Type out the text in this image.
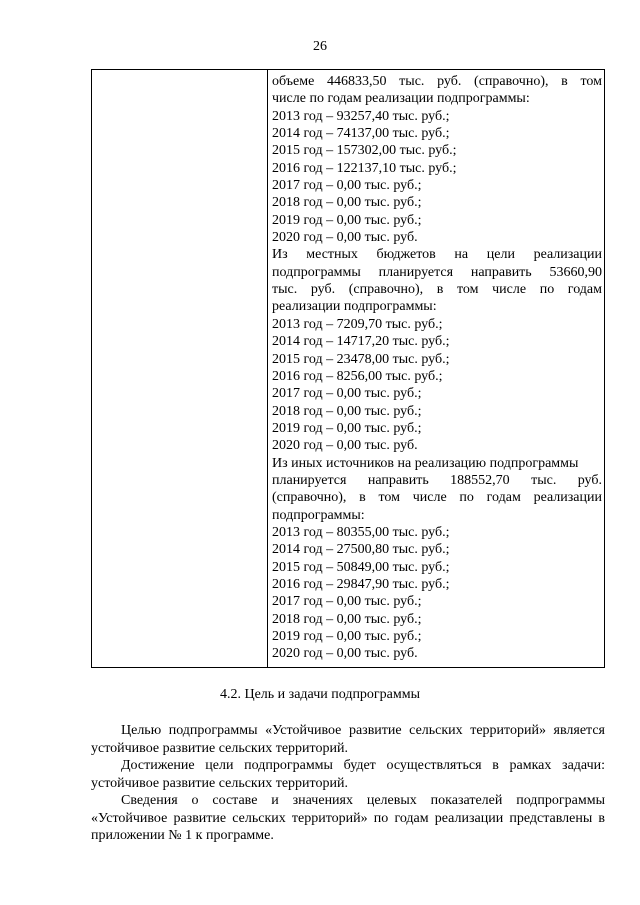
26
объеме 446833,50 тыс. руб. (справочно), в том
числе по годам реализации подпрограммы:
2013 год – 93257,40 тыс. руб.;
2014 год – 74137,00 тыс. руб.;
2015 год – 157302,00 тыс. руб.;
2016 год – 122137,10 тыс. руб.;
2017 год – 0,00 тыс. руб.;
2018 год – 0,00 тыс. руб.;
2019 год – 0,00 тыс. руб.;
2020 год – 0,00 тыс. руб.
Из местных бюджетов на цели реализации
подпрограммы планируется направить 53660,90
тыс. руб. (справочно), в том числе по годам
реализации подпрограммы:
2013 год – 7209,70 тыс. руб.;
2014 год – 14717,20 тыс. руб.;
2015 год – 23478,00 тыс. руб.;
2016 год – 8256,00 тыс. руб.;
2017 год – 0,00 тыс. руб.;
2018 год – 0,00 тыс. руб.;
2019 год – 0,00 тыс. руб.;
2020 год – 0,00 тыс. руб.
Из иных источников на реализацию подпрограммы
планируется направить 188552,70 тыс. руб.
(справочно), в том числе по годам реализации
подпрограммы:
2013 год – 80355,00 тыс. руб.;
2014 год – 27500,80 тыс. руб.;
2015 год – 50849,00 тыс. руб.;
2016 год – 29847,90 тыс. руб.;
2017 год – 0,00 тыс. руб.;
2018 год – 0,00 тыс. руб.;
2019 год – 0,00 тыс. руб.;
2020 год – 0,00 тыс. руб.
4.2. Цель и задачи подпрограммы
Целью подпрограммы «Устойчивое развитие сельских территорий» является устойчивое развитие сельских территорий.
Достижение цели подпрограммы будет осуществляться в рамках задачи: устойчивое развитие сельских территорий.
Сведения о составе и значениях целевых показателей подпрограммы «Устойчивое развитие сельских территорий» по годам реализации представлены в приложении № 1 к программе.
